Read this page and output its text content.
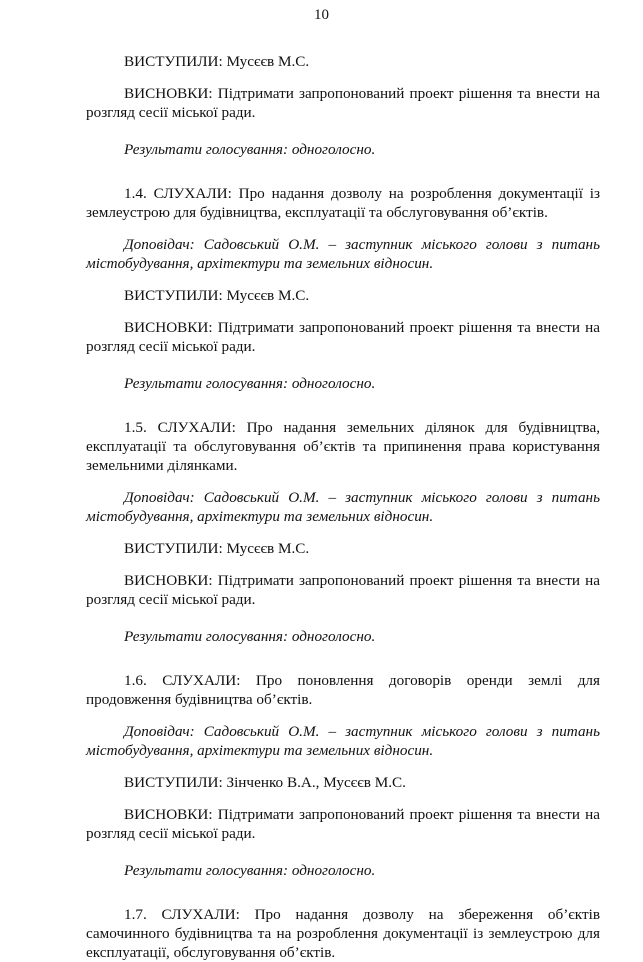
10

ВИСТУПИЛИ: Мусєєв М.С.

ВИСНОВКИ: Підтримати запропонований проект рішення та внести на розгляд сесії міської ради.

Результати голосування: одноголосно.

1.4. СЛУХАЛИ: Про надання дозволу на розроблення документації із землеустрою для будівництва, експлуатації та обслуговування об’єктів.

Доповідач: Садовський О.М. – заступник міського голови з питань містобудування, архітектури та земельних відносин.

ВИСТУПИЛИ: Мусєєв М.С.

ВИСНОВКИ: Підтримати запропонований проект рішення та внести на розгляд сесії міської ради.

Результати голосування: одноголосно.

1.5. СЛУХАЛИ: Про надання земельних ділянок для будівництва, експлуатації та обслуговування об’єктів та припинення права користування земельними ділянками.

Доповідач: Садовський О.М. – заступник міського голови з питань містобудування, архітектури та земельних відносин.

ВИСТУПИЛИ: Мусєєв М.С.

ВИСНОВКИ: Підтримати запропонований проект рішення та внести на розгляд сесії міської ради.

Результати голосування: одноголосно.

1.6. СЛУХАЛИ: Про поновлення договорів оренди землі для продовження будівництва об’єктів.

Доповідач: Садовський О.М. – заступник міського голови з питань містобудування, архітектури та земельних відносин.

ВИСТУПИЛИ: Зінченко В.А., Мусєєв М.С.

ВИСНОВКИ: Підтримати запропонований проект рішення та внести на розгляд сесії міської ради.

Результати голосування: одноголосно.

1.7. СЛУХАЛИ: Про надання дозволу на збереження об’єктів самочинного будівництва та на розроблення документації із землеустрою для експлуатації, обслуговування об’єктів.
